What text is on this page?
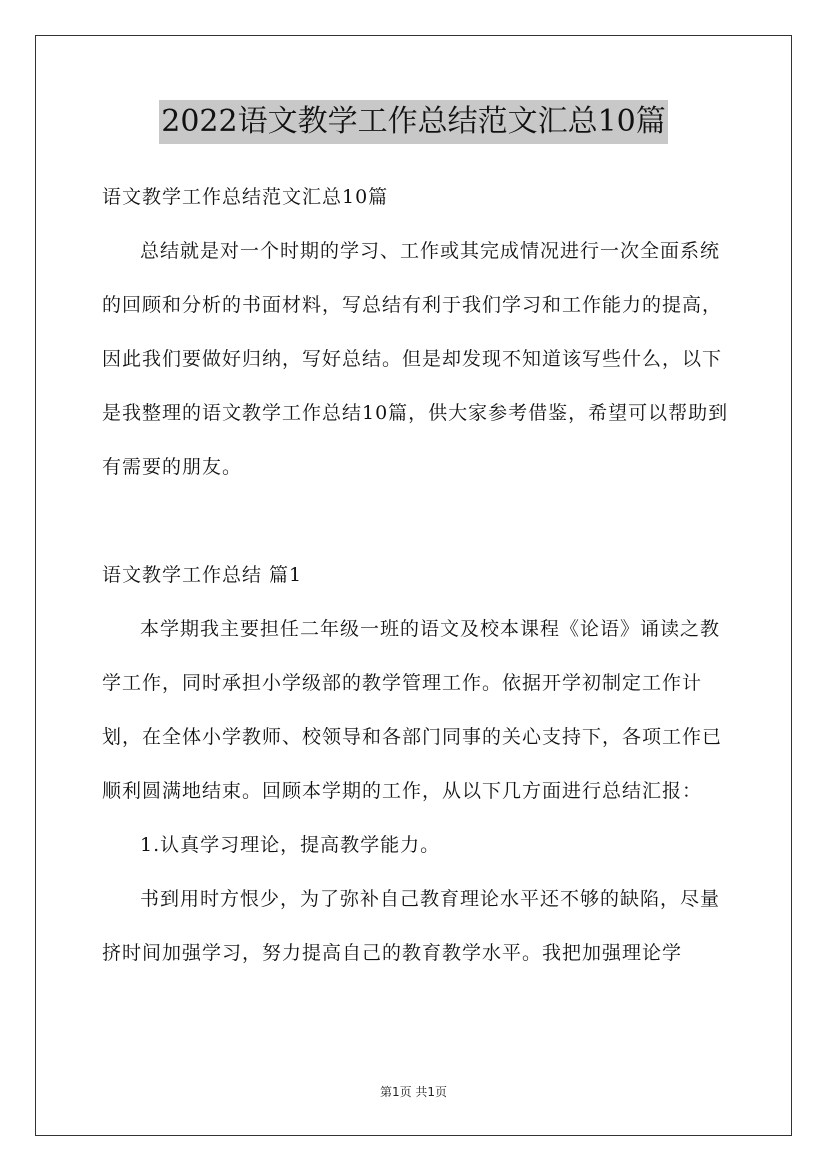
2022语文教学工作总结范文汇总10篇

语文教学工作总结范文汇总10篇

总结就是对一个时期的学习、工作或其完成情况进行一次全面系统的回顾和分析的书面材料，写总结有利于我们学习和工作能力的提高，因此我们要做好归纳，写好总结。但是却发现不知道该写些什么，以下是我整理的语文教学工作总结10篇，供大家参考借鉴，希望可以帮助到有需要的朋友。

语文教学工作总结 篇1

本学期我主要担任二年级一班的语文及校本课程《论语》诵读之教学工作，同时承担小学级部的教学管理工作。依据开学初制定工作计划，在全体小学教师、校领导和各部门同事的关心支持下，各项工作已顺利圆满地结束。回顾本学期的工作，从以下几方面进行总结汇报：

1.认真学习理论，提高教学能力。

书到用时方恨少，为了弥补自己教育理论水平还不够的缺陷，尽量挤时间加强学习，努力提高自己的教育教学水平。我把加强理论学

第1页 共1页
